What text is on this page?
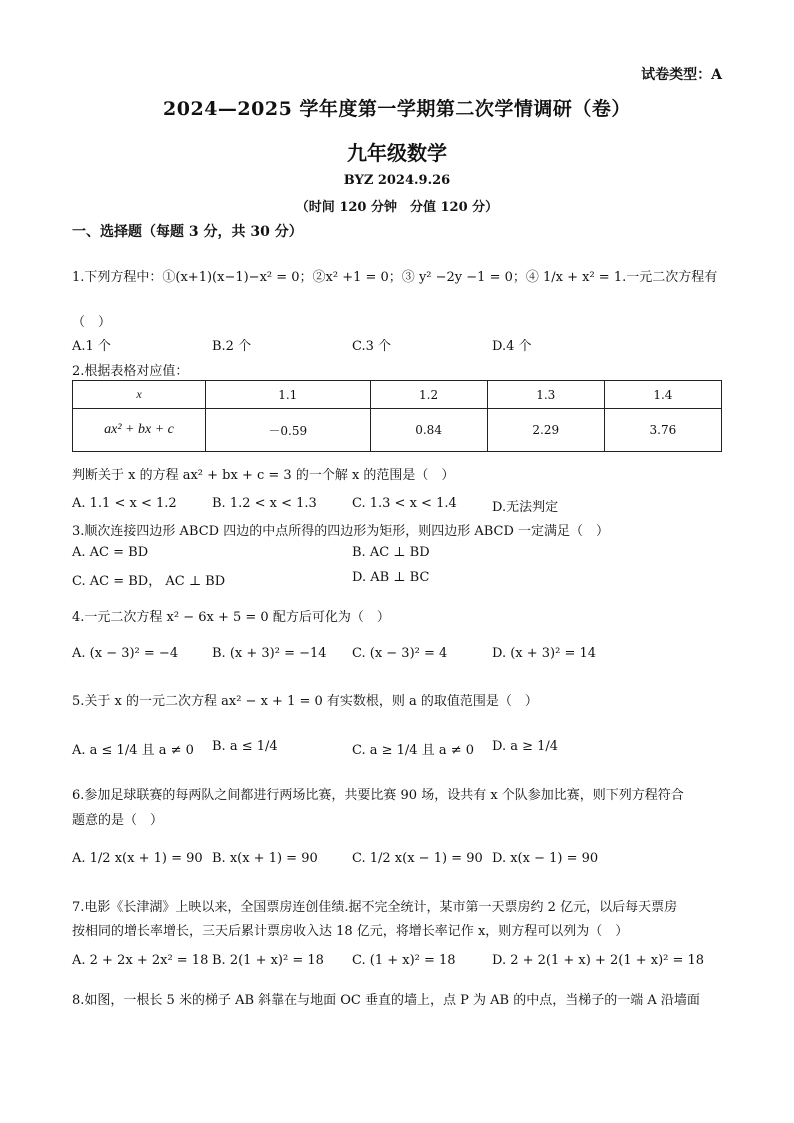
试卷类型：A
2024—2025 学年度第一学期第二次学情调研（卷）
九年级数学
BYZ 2024.9.26
（时间 120 分钟　分值 120 分）
一、选择题（每题 3 分，共 30 分）
1.下列方程中：①(x+1)(x−1)−x² = 0；②x² +1 = 0；③ y² −2y −1 = 0；④ 1/x + x² = 1.一元二次方程有
（　）
A.1 个	B.2 个	C.3 个	D.4 个
2.根据表格对应值：
x	1.1	1.2	1.3	1.4
ax² + bx + c	－0.59	0.84	2.29	3.76
判断关于 x 的方程 ax² + bx + c = 3 的一个解 x 的范围是（　）
A. 1.1 < x < 1.2	B. 1.2 < x < 1.3	C. 1.3 < x < 1.4	D.无法判定
3.顺次连接四边形 ABCD 四边的中点所得的四边形为矩形，则四边形 ABCD 一定满足（　）
A. AC = BD	B. AC ⊥ BD
C. AC = BD， AC ⊥ BD	D. AB ⊥ BC
4.一元二次方程 x² − 6x + 5 = 0 配方后可化为（　）
A. (x − 3)² = −4	B. (x + 3)² = −14 C. (x − 3)² = 4	D. (x + 3)² = 14
5.关于 x 的一元二次方程 ax² − x + 1 = 0 有实数根，则 a 的取值范围是（　）
A. a ≤ 1/4 且 a ≠ 0 B. a ≤ 1/4	C. a ≥ 1/4 且 a ≠ 0 D. a ≥ 1/4
6.参加足球联赛的每两队之间都进行两场比赛，共要比赛 90 场，设共有 x 个队参加比赛，则下列方程符合
题意的是（　）
A. 1/2 x(x + 1) = 90 B. x(x + 1) = 90	C. 1/2 x(x − 1) = 90 D. x(x − 1) = 90
7.电影《长津湖》上映以来，全国票房连创佳绩.据不完全统计，某市第一天票房约 2 亿元，以后每天票房
按相同的增长率增长，三天后累计票房收入达 18 亿元，将增长率记作 x，则方程可以列为（　）
A. 2 + 2x + 2x² = 18 B. 2(1 + x)² = 18 C. (1 + x)² = 18	D. 2 + 2(1 + x) + 2(1 + x)² = 18
8.如图，一根长 5 米的梯子 AB 斜靠在与地面 OC 垂直的墙上，点 P 为 AB 的中点，当梯子的一端 A 沿墙面
